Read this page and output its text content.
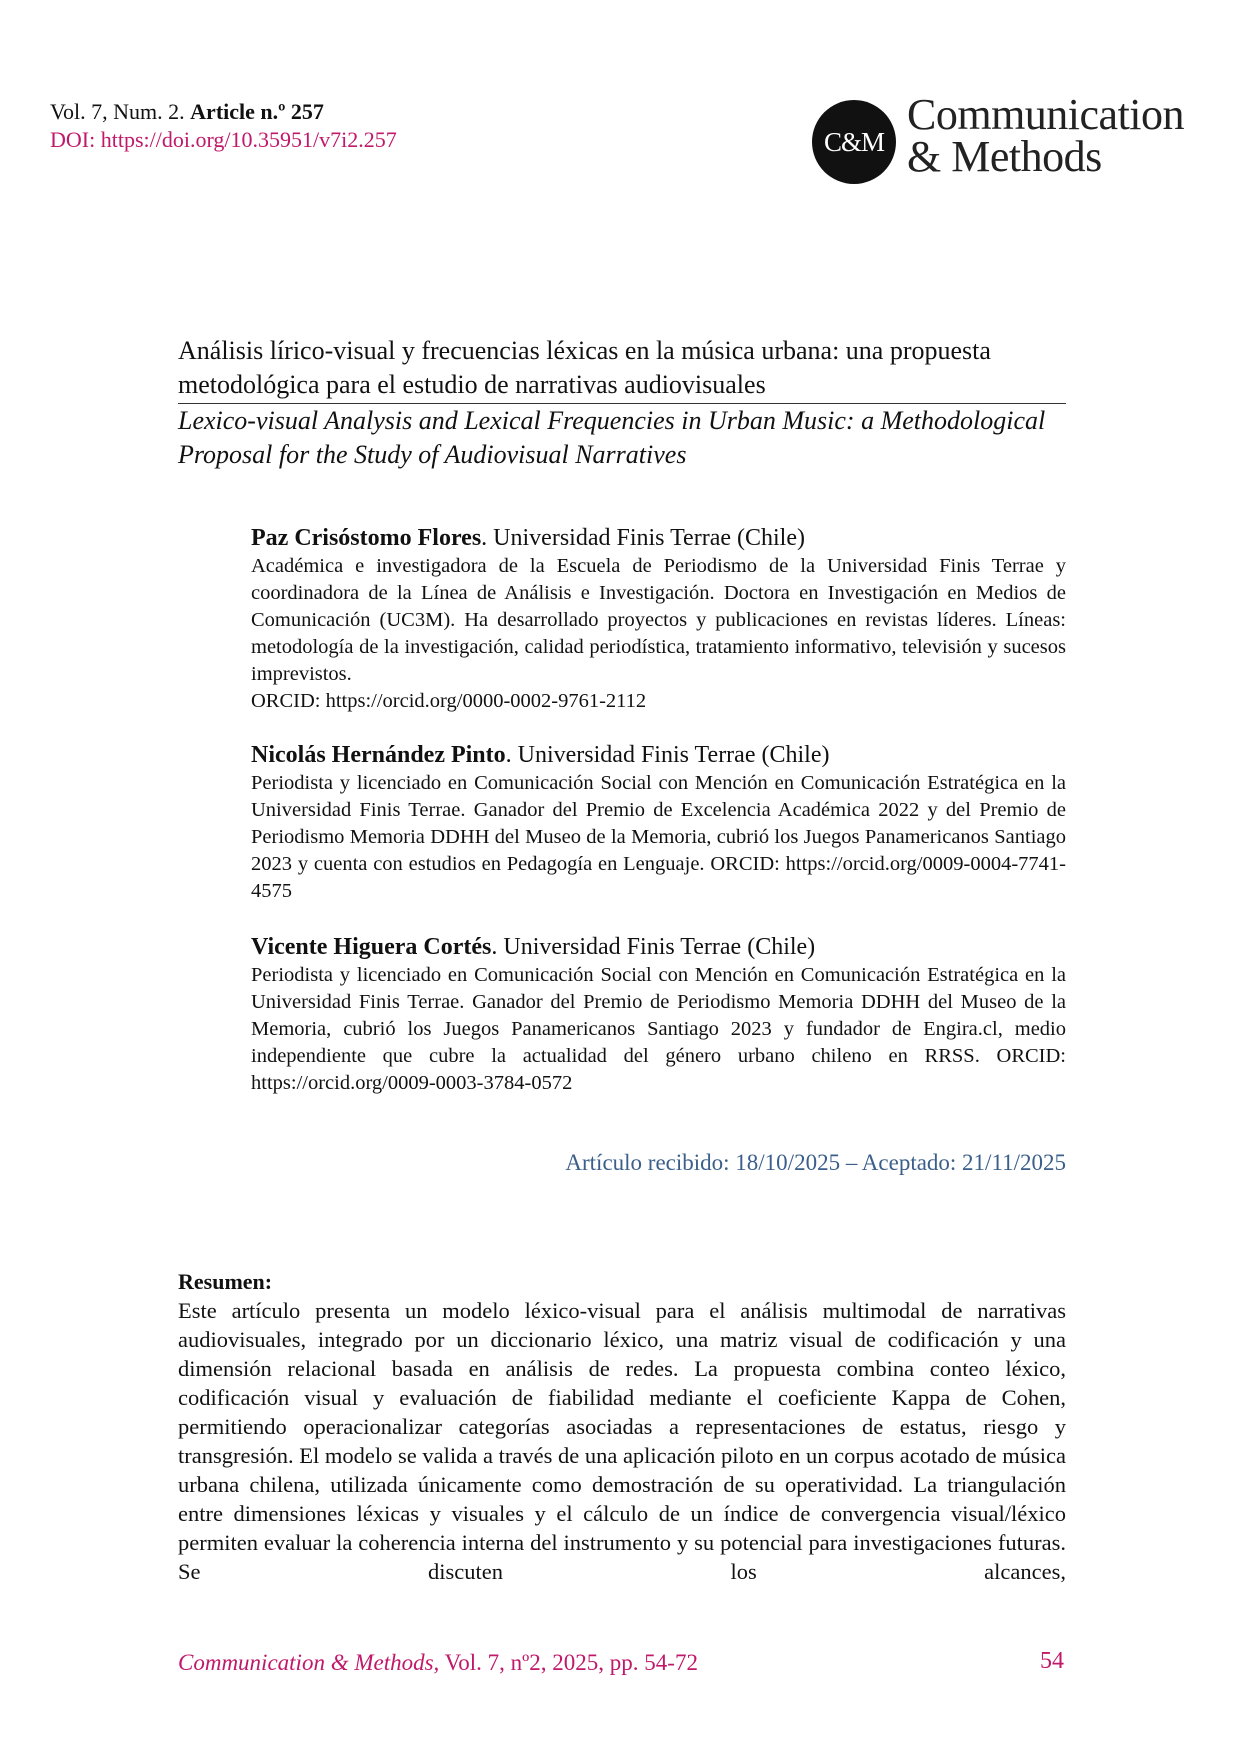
Vol. 7, Num. 2. Article n.º 257
DOI: https://doi.org/10.35951/v7i2.257	C&M
Communication
& Methods
Análisis lírico-visual y frecuencias léxicas en la música urbana: una propuesta metodológica para el estudio de narrativas audiovisuales
Lexico-visual Analysis and Lexical Frequencies in Urban Music: a Methodological Proposal for the Study of Audiovisual Narratives
Paz Crisóstomo Flores. Universidad Finis Terrae (Chile)
Académica e investigadora de la Escuela de Periodismo de la Universidad Finis Terrae y coordinadora de la Línea de Análisis e Investigación. Doctora en Investigación en Medios de Comunicación (UC3M). Ha desarrollado proyectos y publicaciones en revistas líderes. Líneas: metodología de la investigación, calidad periodística, tratamiento informativo, televisión y sucesos imprevistos.
ORCID: https://orcid.org/0000-0002-9761-2112
Nicolás Hernández Pinto. Universidad Finis Terrae (Chile)
Periodista y licenciado en Comunicación Social con Mención en Comunicación Estratégica en la Universidad Finis Terrae. Ganador del Premio de Excelencia Académica 2022 y del Premio de Periodismo Memoria DDHH del Museo de la Memoria, cubrió los Juegos Panamericanos Santiago 2023 y cuenta con estudios en Pedagogía en Lenguaje. ORCID: https://orcid.org/0009-0004-7741-4575
Vicente Higuera Cortés. Universidad Finis Terrae (Chile)
Periodista y licenciado en Comunicación Social con Mención en Comunicación Estratégica en la Universidad Finis Terrae. Ganador del Premio de Periodismo Memoria DDHH del Museo de la Memoria, cubrió los Juegos Panamericanos Santiago 2023 y fundador de Engira.cl, medio independiente que cubre la actualidad del género urbano chileno en RRSS. ORCID: https://orcid.org/0009-0003-3784-0572
Artículo recibido: 18/10/2025 – Aceptado: 21/11/2025
Resumen:
Este artículo presenta un modelo léxico-visual para el análisis multimodal de narrativas audiovisuales, integrado por un diccionario léxico, una matriz visual de codificación y una dimensión relacional basada en análisis de redes. La propuesta combina conteo léxico, codificación visual y evaluación de fiabilidad mediante el coeficiente Kappa de Cohen, permitiendo operacionalizar categorías asociadas a representaciones de estatus, riesgo y transgresión. El modelo se valida a través de una aplicación piloto en un corpus acotado de música urbana chilena, utilizada únicamente como demostración de su operatividad. La triangulación entre dimensiones léxicas y visuales y el cálculo de un índice de convergencia visual/léxico permiten evaluar la coherencia interna del instrumento y su potencial para investigaciones futuras. Se discuten los alcances,
Communication & Methods, Vol. 7, nº2, 2025, pp. 54-72	54
